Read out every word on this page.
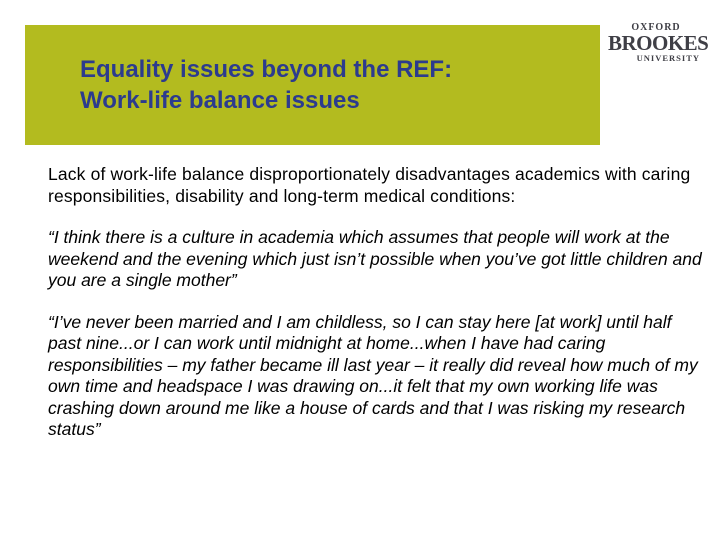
Equality issues beyond the REF:
Work-life balance issues
OXFORD
BROOKES
UNIVERSITY

Lack of work-life balance disproportionately disadvantages academics with caring responsibilities, disability and long-term medical conditions:

“I think there is a culture in academia which assumes that people will work at the weekend and the evening which just isn’t possible when you’ve got little children and you are a single mother”

“I’ve never been married and I am childless, so I can stay here [at work] until half past nine...or I can work until midnight at home...when I have had caring responsibilities – my father became ill last year – it really did reveal how much of my own time and headspace I was drawing on...it felt that my own working life was crashing down around me like a house of cards and that I was risking my research status”
